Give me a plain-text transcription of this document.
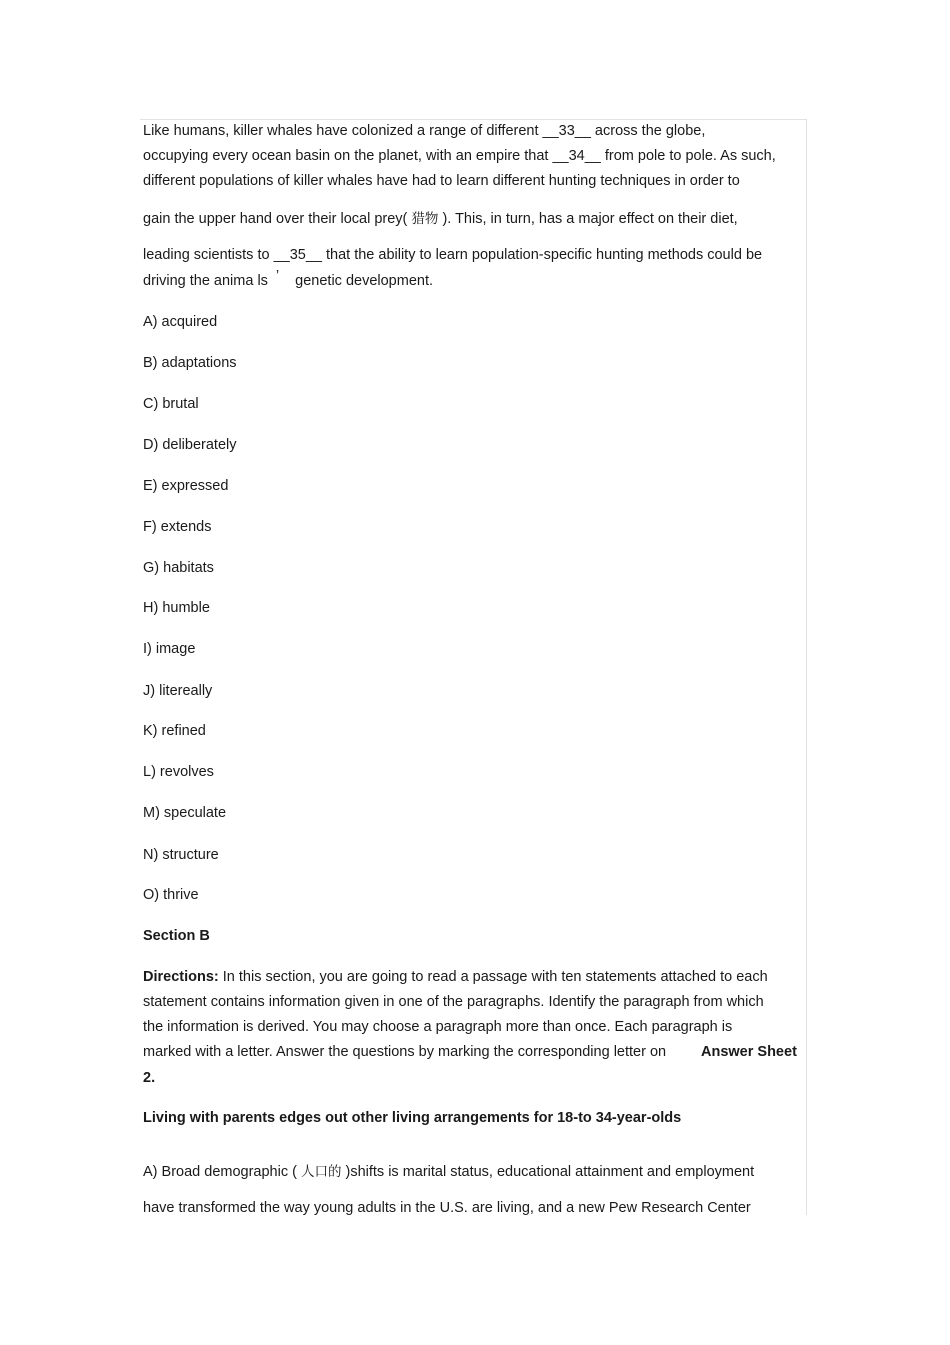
Like humans, killer whales have colonized a range of different __33__ across the globe,
occupying every ocean basin on the planet, with an empire that __34__ from pole to pole. As such,
different populations of killer whales have had to learn different hunting techniques in order to
gain the upper hand over their local prey( 猎物 ). This, in turn, has a major effect on their diet,
leading scientists to __35__ that the ability to learn population-specific hunting methods could be
driving the anima ls ’ genetic development.
A) acquired
B) adaptations
C) brutal
D) deliberately
E) expressed
F) extends
G) habitats
H) humble
I) image
J) litereally
K) refined
L) revolves
M) speculate
N) structure
O) thrive
Section B
Directions: In this section, you are going to read a passage with ten statements attached to each
statement contains information given in one of the paragraphs. Identify the paragraph from which
the information is derived. You may choose a paragraph more than once. Each paragraph is
marked with a letter. Answer the questions by marking the corresponding letter on Answer Sheet
2.
Living with parents edges out other living arrangements for 18-to 34-year-olds
A) Broad demographic ( 人口的 )shifts is marital status, educational attainment and employment
have transformed the way young adults in the U.S. are living, and a new Pew Research Center
